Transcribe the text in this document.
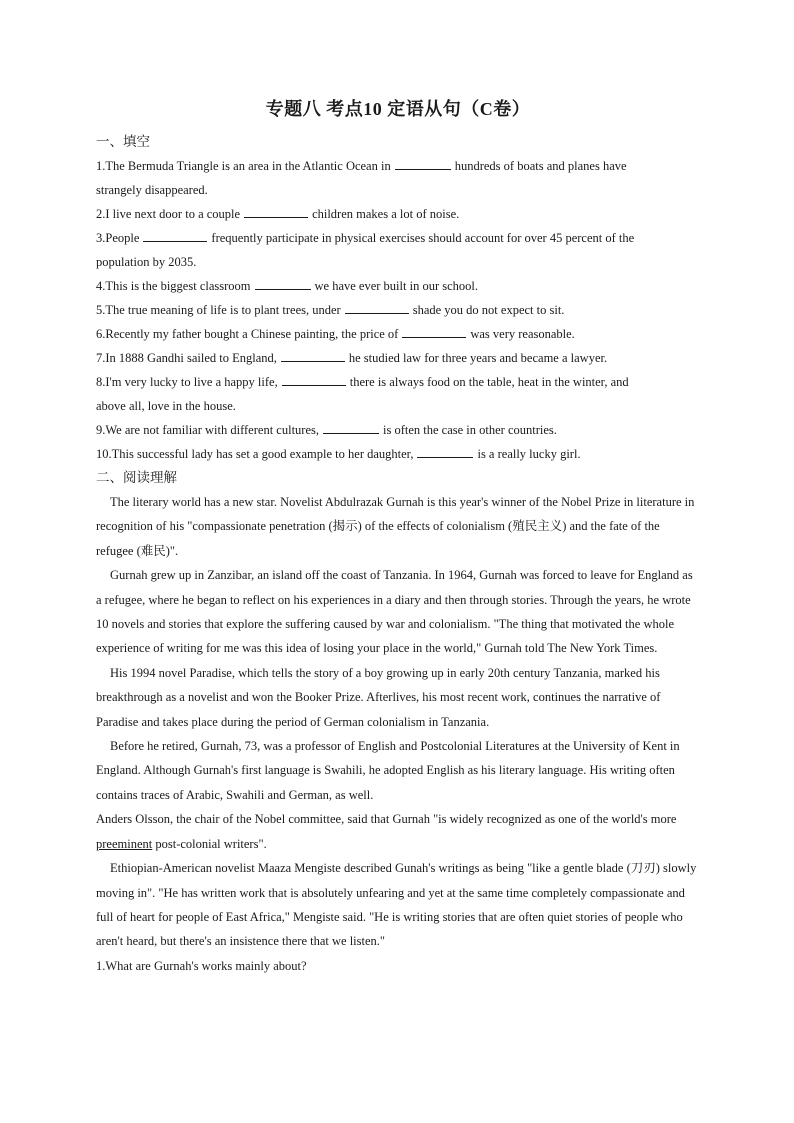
专题八 考点10 定语从句（C卷）

一、填空

1.The Bermuda Triangle is an area in the Atlantic Ocean in	hundreds of boats and planes have

strangely disappeared.

2.I live next door to a couple	children makes a lot of noise.

3.People	frequently participate in physical exercises should account for over 45 percent of the

population by 2035.

4.This is the biggest classroom	we have ever built in our school.

5.The true meaning of life is to plant trees, under	shade you do not expect to sit.

6.Recently my father bought a Chinese painting, the price of	was very reasonable.

7.In 1888 Gandhi sailed to England,	he studied law for three years and became a lawyer.

8.I'm very lucky to live a happy life,	there is always food on the table, heat in the winter, and

above all, love in the house.

9.We are not familiar with different cultures,	is often the case in other countries.

10.This successful lady has set a good example to her daughter,	is a really lucky girl.

二、阅读理解

The literary world has a new star. Novelist Abdulrazak Gurnah is this year's winner of the Nobel Prize in literature in recognition of his "compassionate penetration (揭示) of the effects of colonialism (殖民主义) and the fate of the refugee (难民)".

Gurnah grew up in Zanzibar, an island off the coast of Tanzania. In 1964, Gurnah was forced to leave for England as a refugee, where he began to reflect on his experiences in a diary and then through stories. Through the years, he wrote 10 novels and stories that explore the suffering caused by war and colonialism. "The thing that motivated the whole experience of writing for me was this idea of losing your place in the world," Gurnah told The New York Times.

His 1994 novel Paradise, which tells the story of a boy growing up in early 20th century Tanzania, marked his breakthrough as a novelist and won the Booker Prize. Afterlives, his most recent work, continues the narrative of Paradise and takes place during the period of German colonialism in Tanzania.

Before he retired, Gurnah, 73, was a professor of English and Postcolonial Literatures at the University of Kent in England. Although Gurnah's first language is Swahili, he adopted English as his literary language. His writing often contains traces of Arabic, Swahili and German, as well.

Anders Olsson, the chair of the Nobel committee, said that Gurnah "is widely recognized as one of the world's more preeminent post-colonial writers".

Ethiopian-American novelist Maaza Mengiste described Gunah's writings as being "like a gentle blade (刀刃) slowly moving in". "He has written work that is absolutely unfearing and yet at the same time completely compassionate and full of heart for people of East Africa," Mengiste said. "He is writing stories that are often quiet stories of people who aren't heard, but there's an insistence there that we listen."

1.What are Gurnah's works mainly about?
